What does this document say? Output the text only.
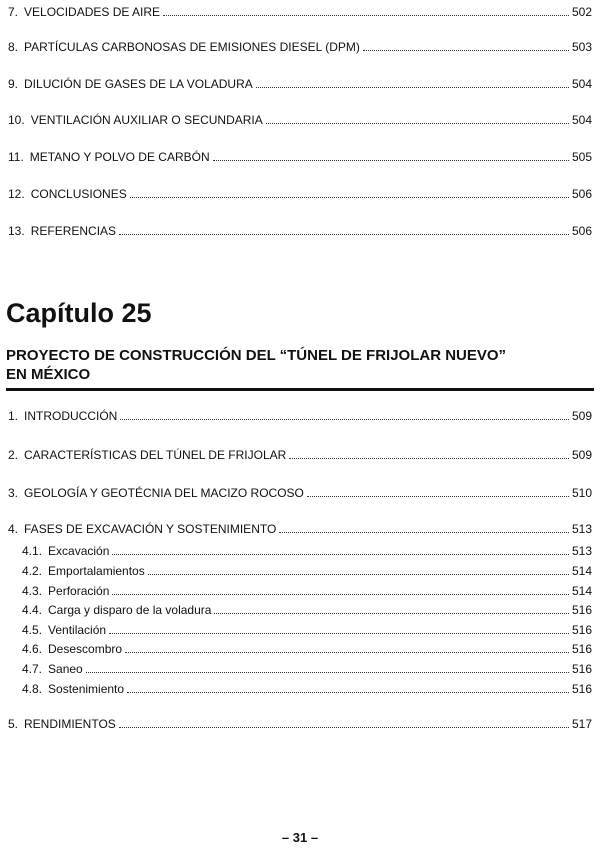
7. VELOCIDADES DE AIRE	502
8. PARTÍCULAS CARBONOSAS DE EMISIONES DIESEL (DPM)	503
9. DILUCIÓN DE GASES DE LA VOLADURA	504
10. VENTILACIÓN AUXILIAR O SECUNDARIA	504
11. METANO Y POLVO DE CARBÓN	505
12. CONCLUSIONES	506
13. REFERENCIAS	506
Capítulo 25
PROYECTO DE CONSTRUCCIÓN DEL “TÚNEL DE FRIJOLAR NUEVO”
EN MÉXICO
1. INTRODUCCIÓN	509
2. CARACTERÍSTICAS DEL TÚNEL DE FRIJOLAR	509
3. GEOLOGÍA Y GEOTÉCNIA DEL MACIZO ROCOSO	510
4. FASES DE EXCAVACIÓN Y SOSTENIMIENTO	513
4.1. Excavación	513
4.2. Emportalamientos	514
4.3. Perforación	514
4.4. Carga y disparo de la voladura	516
4.5. Ventilación	516
4.6. Desescombro	516
4.7. Saneo	516
4.8. Sostenimiento	516
5. RENDIMIENTOS	517
– 31 –
